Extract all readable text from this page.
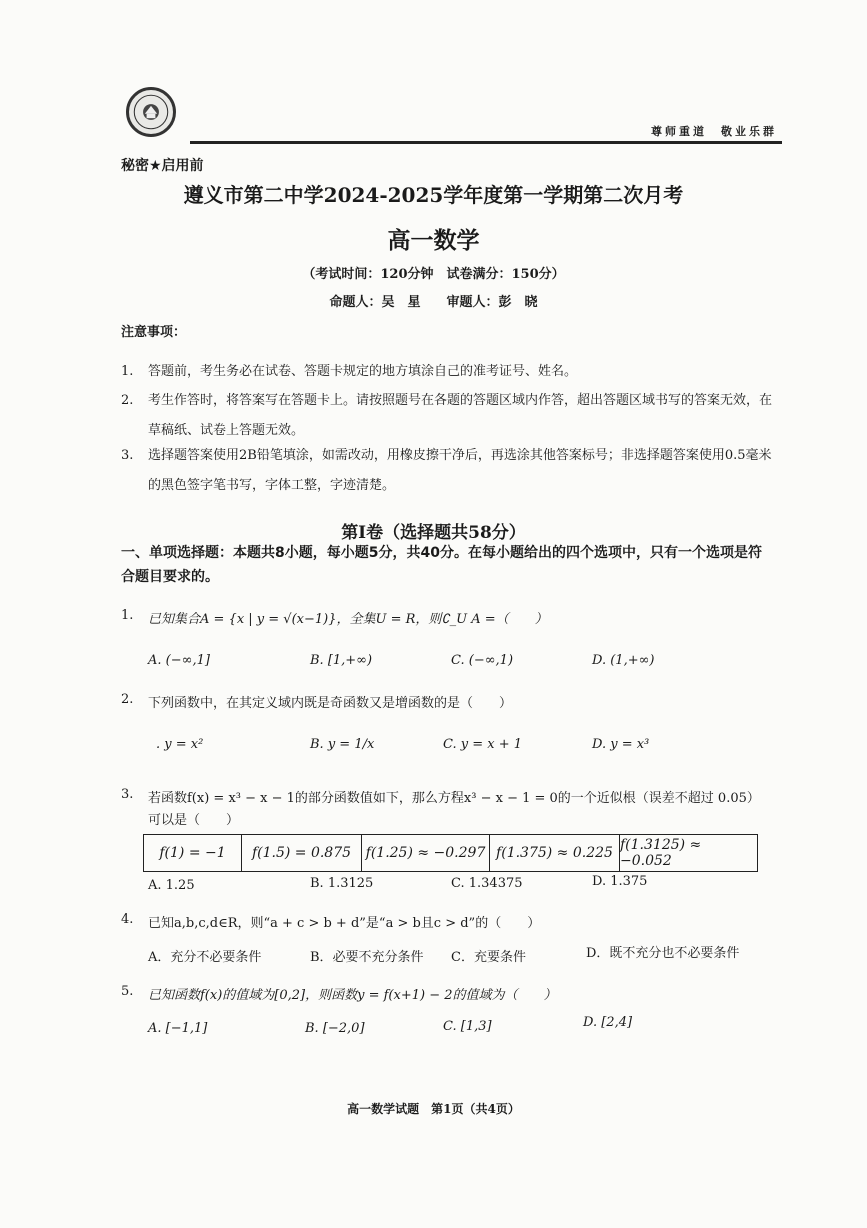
尊师重道　敬业乐群
秘密★启用前
遵义市第二中学2024-2025学年度第一学期第二次月考
高一数学
（考试时间：120分钟　试卷满分：150分）
命题人：吴　星　　审题人：彭　晓
注意事项：
1. 答题前，考生务必在试卷、答题卡规定的地方填涂自己的准考证号、姓名。
2. 考生作答时，将答案写在答题卡上。请按照题号在各题的答题区域内作答，超出答题区域书写的答案无效，在草稿纸、试卷上答题无效。
3. 选择题答案使用2B铅笔填涂，如需改动，用橡皮擦干净后，再选涂其他答案标号；非选择题答案使用0.5毫米的黑色签字笔书写，字体工整，字迹清楚。
第Ⅰ卷（选择题共58分）
一、单项选择题：本题共8小题，每小题5分，共40分。在每小题给出的四个选项中，只有一个选项是符合题目要求的。
1. 已知集合A = {x | y = √(x−1)}，全集U = R，则∁_U A =（　　）
A. (−∞,1]	B. [1,+∞)	C. (−∞,1)	D. (1,+∞)
2. 下列函数中，在其定义域内既是奇函数又是增函数的是（　　）
. y = x²	B. y = 1/x	C. y = x + 1	D. y = x³
3. 若函数f(x) = x³ − x − 1的部分函数值如下，那么方程x³ − x − 1 = 0的一个近似根（误差不超过 0.05）
可以是（　　）
f(1) = −1	f(1.5) = 0.875	f(1.25) ≈ −0.297 f(1.375) ≈ 0.225 f(1.3125) ≈ −0.052
A. 1.25	B. 1.3125	C. 1.34375	D. 1.375
4. 已知a,b,c,d∈R，则“a + c > b + d”是“a > b且c > d”的（　　）
A．充分不必要条件	B．必要不充分条件 C．充要条件	D．既不充分也不必要条件
5. 已知函数f(x)的值域为[0,2]，则函数y = f(x+1) − 2的值域为（　　）
A. [−1,1]	B. [−2,0]	C. [1,3]	D. [2,4]
高一数学试题　第1页（共4页）
